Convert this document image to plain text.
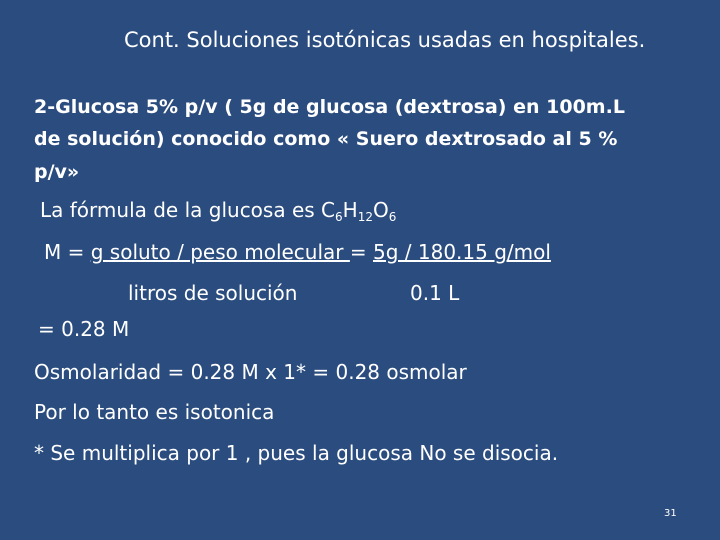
Cont. Soluciones isotónicas usadas en hospitales.
2-Glucosa 5% p/v ( 5g de glucosa (dextrosa) en 100m.L
de solución) conocido como « Suero dextrosado al 5 %
p/v»
La fórmula de la glucosa es $C_6H_{12}O_6$
M = g soluto / peso molecular = 5g / 180.15 g/mol
litros de solución	0.1 L
= 0.28 M
Osmolaridad = 0.28 M x 1* = 0.28 osmolar
Por lo tanto es isotonica
* Se multiplica por 1 , pues la glucosa No se disocia.
31
